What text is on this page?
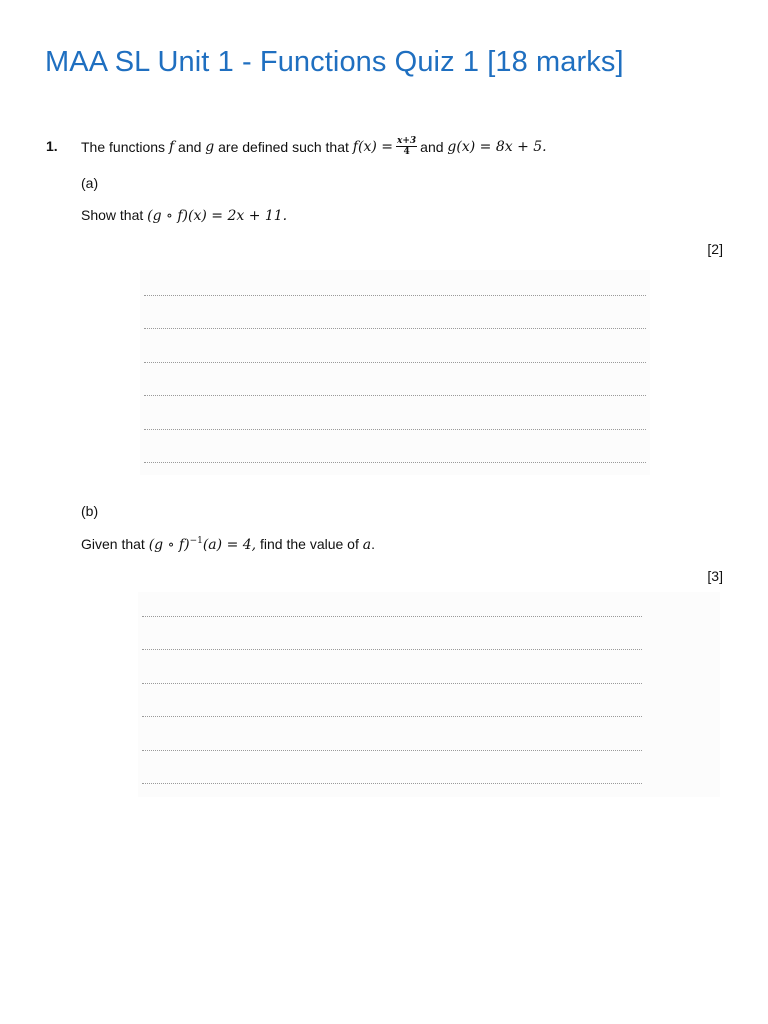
MAA SL Unit 1 - Functions Quiz 1 [18 marks]
1. The functions
f
and
g
are defined such that
$f(x) = \frac{x+3}{4}$ and
g(x) = 8x + 5.
(a)
Show that (g ∘ f)(x) = 2x + 11.
[2]
(b)
Given that (g ∘ f)$^{-1}$(a) = 4, find the value of a.
[3]
